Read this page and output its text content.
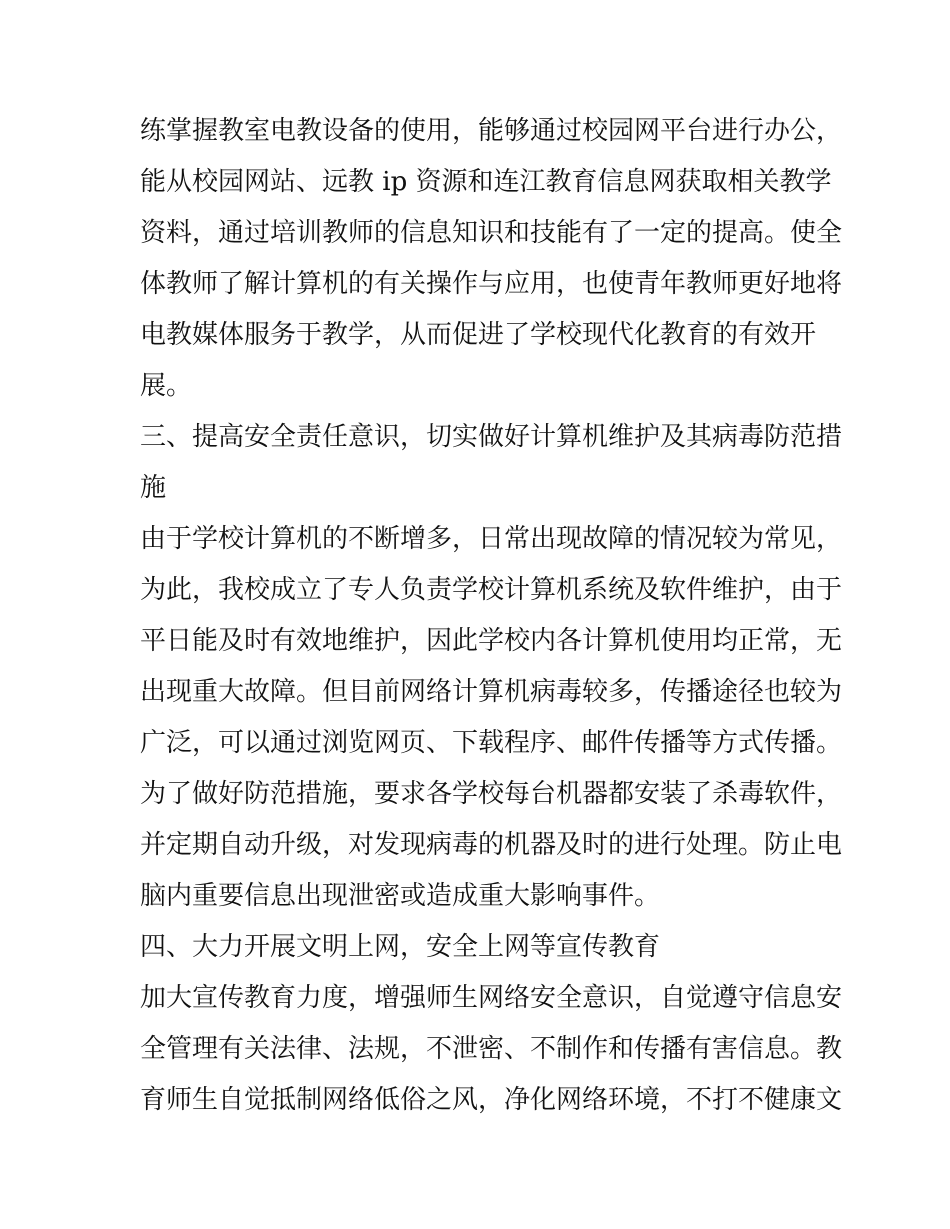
练掌握教室电教设备的使用，能够通过校园网平台进行办公，
能从校园网站、远教 ip 资源和连江教育信息网获取相关教学
资料，通过培训教师的信息知识和技能有了一定的提高。使全
体教师了解计算机的有关操作与应用，也使青年教师更好地将
电教媒体服务于教学，从而促进了学校现代化教育的有效开
展。
三、提高安全责任意识，切实做好计算机维护及其病毒防范措
施
由于学校计算机的不断增多，日常出现故障的情况较为常见，
为此，我校成立了专人负责学校计算机系统及软件维护，由于
平日能及时有效地维护，因此学校内各计算机使用均正常，无
出现重大故障。但目前网络计算机病毒较多，传播途径也较为
广泛，可以通过浏览网页、下载程序、邮件传播等方式传播。
为了做好防范措施，要求各学校每台机器都安装了杀毒软件，
并定期自动升级，对发现病毒的机器及时的进行处理。防止电
脑内重要信息出现泄密或造成重大影响事件。
四、大力开展文明上网，安全上网等宣传教育
加大宣传教育力度，增强师生网络安全意识，自觉遵守信息安
全管理有关法律、法规，不泄密、不制作和传播有害信息。教
育师生自觉抵制网络低俗之风，净化网络环境，不打不健康文
